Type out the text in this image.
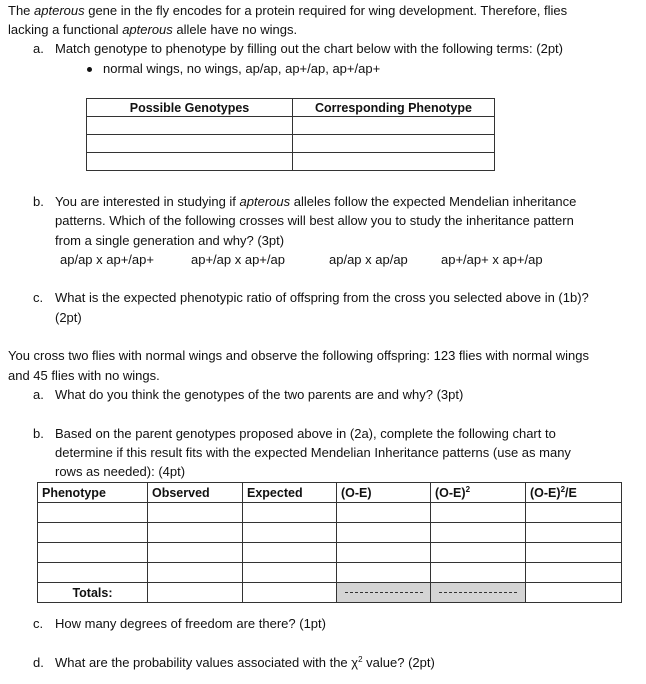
The apterous gene in the fly encodes for a protein required for wing development. Therefore, flies
lacking a functional apterous allele have no wings.
a. Match genotype to phenotype by filling out the chart below with the following terms: (2pt)
normal wings, no wings, ap/ap, ap+/ap, ap+/ap+
Possible Genotypes	Corresponding Phenotype

b. You are interested in studying if apterous alleles follow the expected Mendelian inheritance
patterns. Which of the following crosses will best allow you to study the inheritance pattern
from a single generation and why? (3pt)
ap/ap x ap+/ap+	ap+/ap x ap+/ap	ap/ap x ap/ap	ap+/ap+ x ap+/ap
c. What is the expected phenotypic ratio of offspring from the cross you selected above in (1b)?
(2pt)
You cross two flies with normal wings and observe the following offspring: 123 flies with normal wings
and 45 flies with no wings.
a. What do you think the genotypes of the two parents are and why? (3pt)
b. Based on the parent genotypes proposed above in (2a), complete the following chart to
determine if this result fits with the expected Mendelian Inheritance patterns (use as many
rows as needed): (4pt)
Phenotype	Observed	Expected	(O-E)	$(O-E)^2$	$(O-E)^2/E$

Totals:					
c. How many degrees of freedom are there? (1pt)
d. What are the probability values associated with the $\chi^2$ value? (2pt)
